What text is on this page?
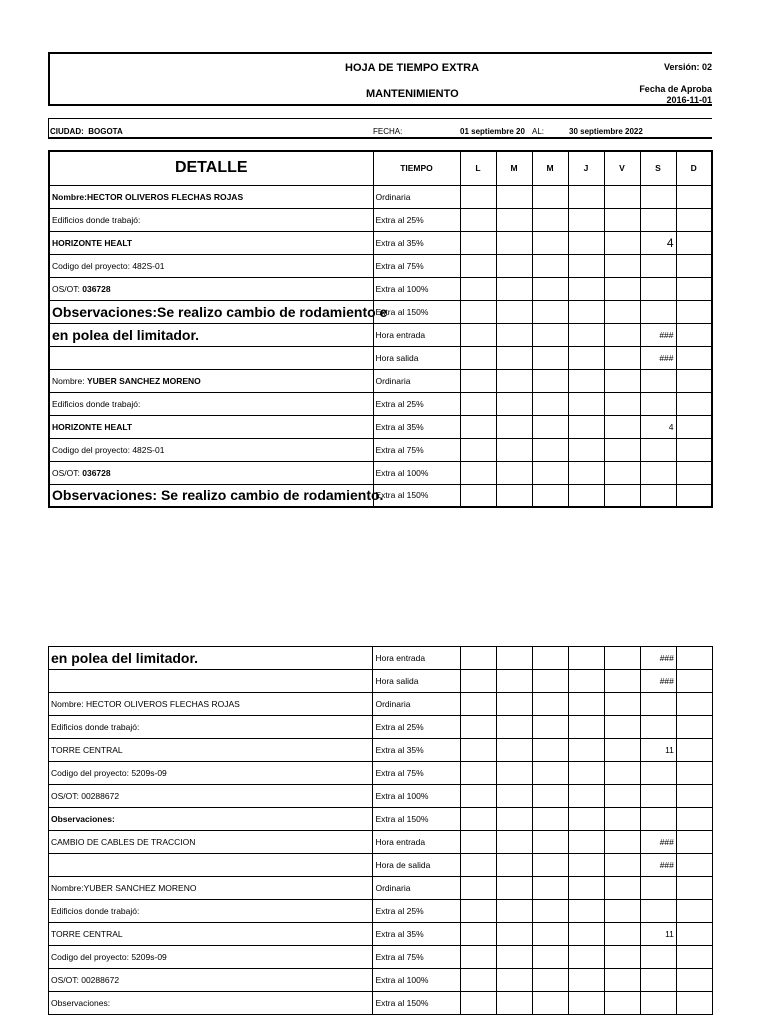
HOJA DE TIEMPO EXTRA
MANTENIMIENTO
Versión: 02
Fecha de Aproba
2016-11-01
CIUDAD: BOGOTA	FECHA:	01 septiembre 20 AL:	30 septiembre 2022
DETALLE	TIEMPO	L	M	M	J	V	S	D
Nombre:HECTOR OLIVEROS FLECHAS ROJAS	Ordinaria							
Edificios donde trabajó:	Extra al 25%							
HORIZONTE HEALT	Extra al 35%						4	
Codigo del proyecto: 482S-01	Extra al 75%							
OS/OT: 036728	Extra al 100%							
Observaciones:Se realizo cambio de rodamiento e	Extra al 150%							
en polea del limitador.	Hora entrada						###	
	Hora salida						###	
Nombre: YUBER SANCHEZ MORENO	Ordinaria							
Edificios donde trabajó:	Extra al 25%							
HORIZONTE HEALT	Extra al 35%						4	
Codigo del proyecto: 482S-01	Extra al 75%							
OS/OT: 036728	Extra al 100%							
Observaciones: Se realizo cambio de rodamiento.	Extra al 150%							
en polea del limitador.	Hora entrada						###	
	Hora salida						###	
Nombre: HECTOR OLIVEROS FLECHAS ROJAS	Ordinaria							
Edificios donde trabajó:	Extra al 25%							
TORRE CENTRAL	Extra al 35%						11	
Codigo del proyecto: 5209s-09	Extra al 75%							
OS/OT: 00288672	Extra al 100%							
Observaciones:	Extra al 150%							
CAMBIO DE CABLES DE TRACCION	Hora entrada						###	
	Hora de salida						###	
Nombre:YUBER SANCHEZ MORENO	Ordinaria							
Edificios donde trabajó:	Extra al 25%							
TORRE CENTRAL	Extra al 35%						11	
Codigo del proyecto: 5209s-09	Extra al 75%							
OS/OT: 00288672	Extra al 100%							
Observaciones:	Extra al 150%							
